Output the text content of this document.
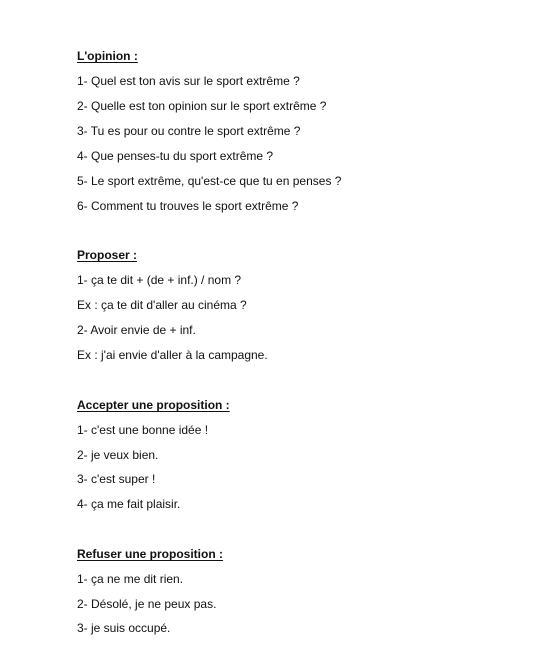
L'opinion :
1- Quel est ton avis sur le sport extrême ?
2- Quelle est ton opinion sur le sport extrême ?
3- Tu es pour ou contre le sport extrême ?
4- Que penses-tu du sport extrême ?
5- Le sport extrême, qu'est-ce que tu en penses ?
6- Comment tu trouves le sport extrême ?
Proposer :
1- ça te dit + (de + inf.) / nom ?
Ex : ça te dit d'aller au cinéma ?
2- Avoir envie de + inf.
Ex : j'ai envie d'aller à la campagne.
Accepter une proposition :
1- c'est une bonne idée !
2- je veux bien.
3- c'est super !
4- ça me fait plaisir.
Refuser une proposition :
1- ça ne me dit rien.
2- Désolé, je ne peux pas.
3- je suis occupé.
